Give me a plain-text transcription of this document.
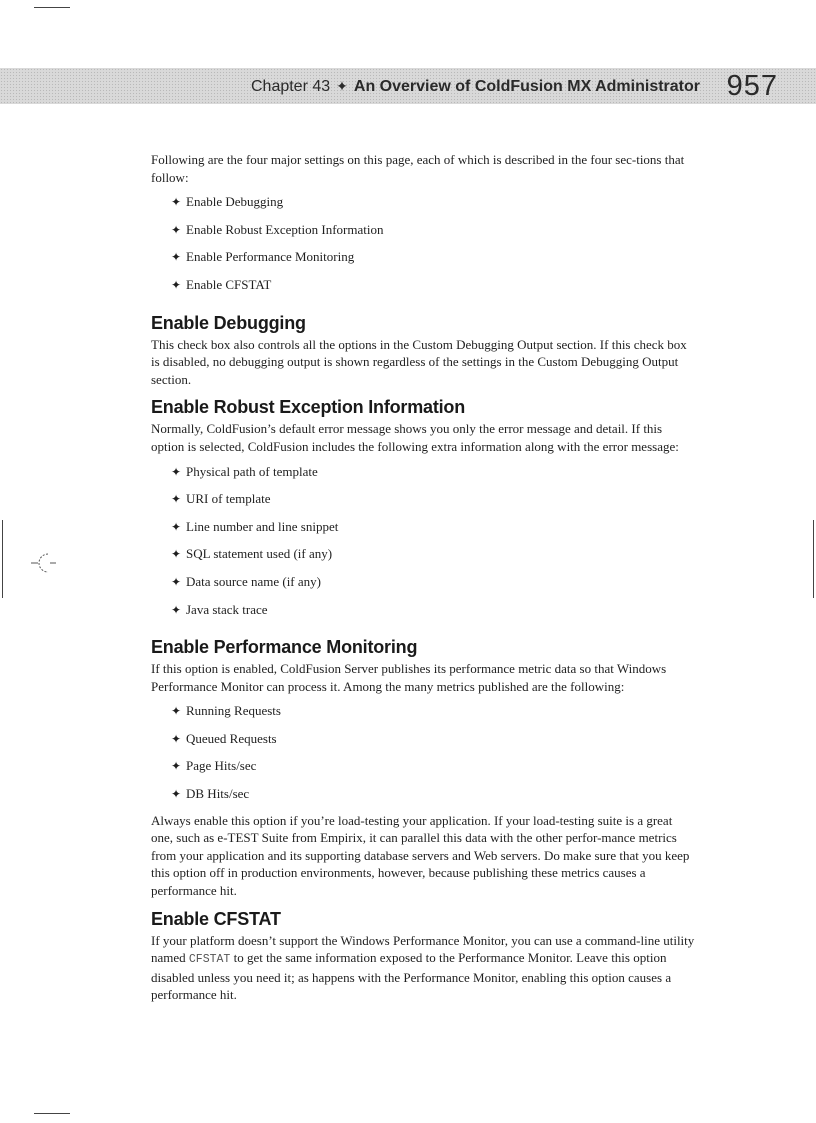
Chapter 43 ✦ An Overview of ColdFusion MX Administrator 957

Following are the four major settings on this page, each of which is described in the four sec-tions that follow:

✦ Enable Debugging
✦ Enable Robust Exception Information
✦ Enable Performance Monitoring
✦ Enable CFSTAT
Enable Debugging

This check box also controls all the options in the Custom Debugging Output section. If this check box is disabled, no debugging output is shown regardless of the settings in the Custom Debugging Output section.

Enable Robust Exception Information

Normally, ColdFusion’s default error message shows you only the error message and detail. If this option is selected, ColdFusion includes the following extra information along with the error message:

✦ Physical path of template
✦ URI of template
✦ Line number and line snippet
✦ SQL statement used (if any)
✦ Data source name (if any)
✦ Java stack trace
Enable Performance Monitoring

If this option is enabled, ColdFusion Server publishes its performance metric data so that Windows Performance Monitor can process it. Among the many metrics published are the following:

✦ Running Requests
✦ Queued Requests
✦ Page Hits/sec
✦ DB Hits/sec

Always enable this option if you’re load-testing your application. If your load-testing suite is a great one, such as e-TEST Suite from Empirix, it can parallel this data with the other perfor-mance metrics from your application and its supporting database servers and Web servers. Do make sure that you keep this option off in production environments, however, because publishing these metrics causes a performance hit.

Enable CFSTAT

If your platform doesn’t support the Windows Performance Monitor, you can use a command-line utility named CFSTAT to get the same information exposed to the Performance Monitor. Leave this option disabled unless you need it; as happens with the Performance Monitor, enabling this option causes a performance hit.
